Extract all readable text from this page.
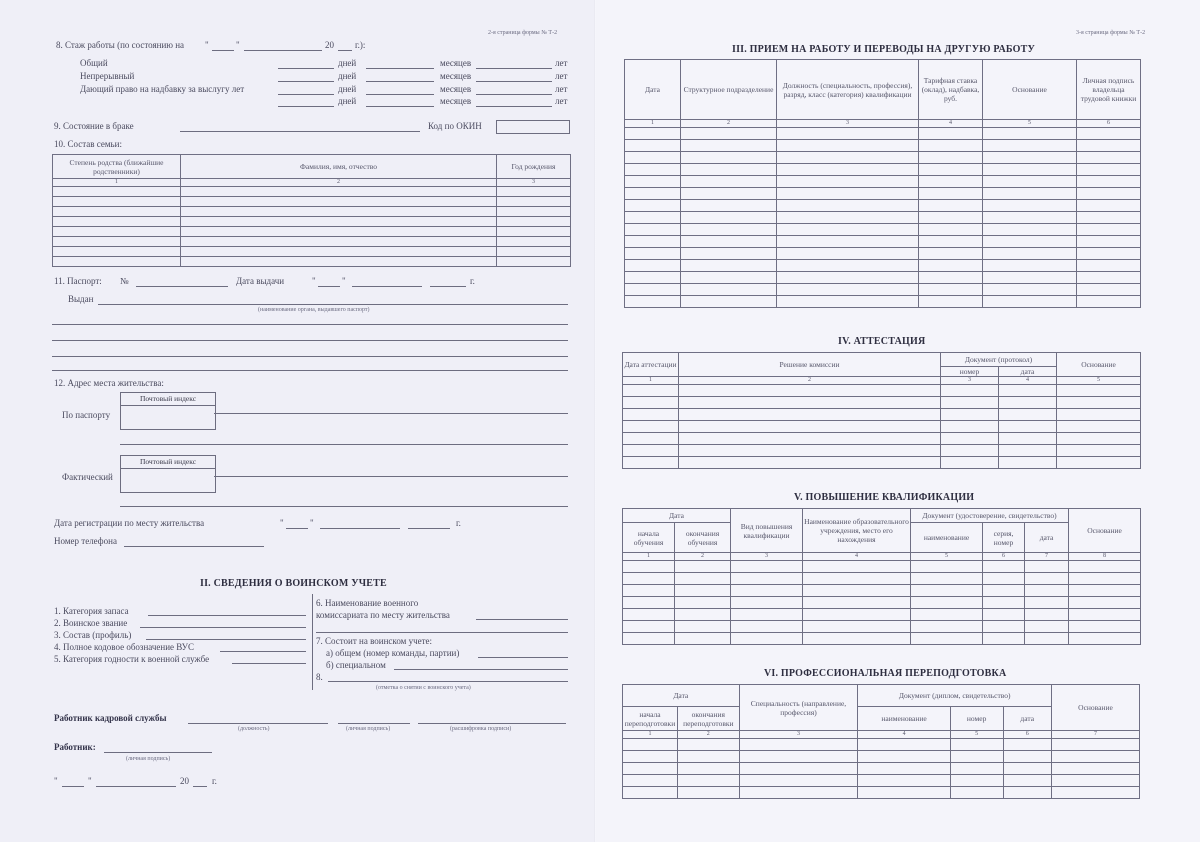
2-я страница формы № Т-2
8. Стаж работы (по состоянию на "	"	20 г.):
Общий	дней	месяцев	лет
Непрерывный	дней	месяцев	лет
Дающий право на надбавку за выслугу лет	дней	месяцев	лет
дней	месяцев	лет
9. Состояние в браке	Код по ОКИН
10. Состав семьи:
Степень родства (ближайшие родственники)	Фамилия, имя, отчество	Год рождения
1	2	3

11. Паспорт: №	Дата выдачи	"	"	г.
Выдан
(наименование органа, выдавшего паспорт)
12. Адрес места жительства:
По паспорту
Почтовый индекс
Фактический
Почтовый индекс
Дата регистрации по месту жительства	"	"	г.
Номер телефона
II. СВЕДЕНИЯ О ВОИНСКОМ УЧЕТЕ
1. Категория запаса
2. Воинское звание
3. Состав (профиль)
4. Полное кодовое обозначение ВУС
5. Категория годности к военной службе
6. Наименование военного
комиссариата по месту жительства
7. Состоит на воинском учете:
а) общем (номер команды, партии)
б) специальном
8.
(отметка о снятии с воинского учета)
Работник кадровой службы
(должность)	(личная подпись)	(расшифровка подписи)
Работник:
(личная подпись)
"	"	20	г.
3-я страница формы № Т-2
III. ПРИЕМ НА РАБОТУ И ПЕРЕВОДЫ НА ДРУГУЮ РАБОТУ
Дата	Структурное подразделение	Должность (специальность, профессия), разряд, класс (категория) квалификации	Тарифная ставка (оклад), надбавка, руб.	Основание	Личная подпись владельца трудовой книжки
1	2	3	4	5	6

IV. АТТЕСТАЦИЯ
Дата аттестации	Решение комиссии	Документ (протокол)		Основание
		номер	дата	
1	2	3	4	5

V. ПОВЫШЕНИЕ КВАЛИФИКАЦИИ
Дата		Вид повышения квалификации	Наименование образовательного учреждения, место его нахождения	Документ (удостоверение, свидетельство)			Основание
начала обучения	окончания обучения			наименование	серия, номер	дата	
1	2	3	4	5	6	7	8

VI. ПРОФЕССИОНАЛЬНАЯ ПЕРЕПОДГОТОВКА
Дата		Специальность (направление, профессия)	Документ (диплом, свидетельство)			Основание
начала переподготовки	окончания переподготовки		наименование	номер	дата	
1	2	3	4	5	6	7
